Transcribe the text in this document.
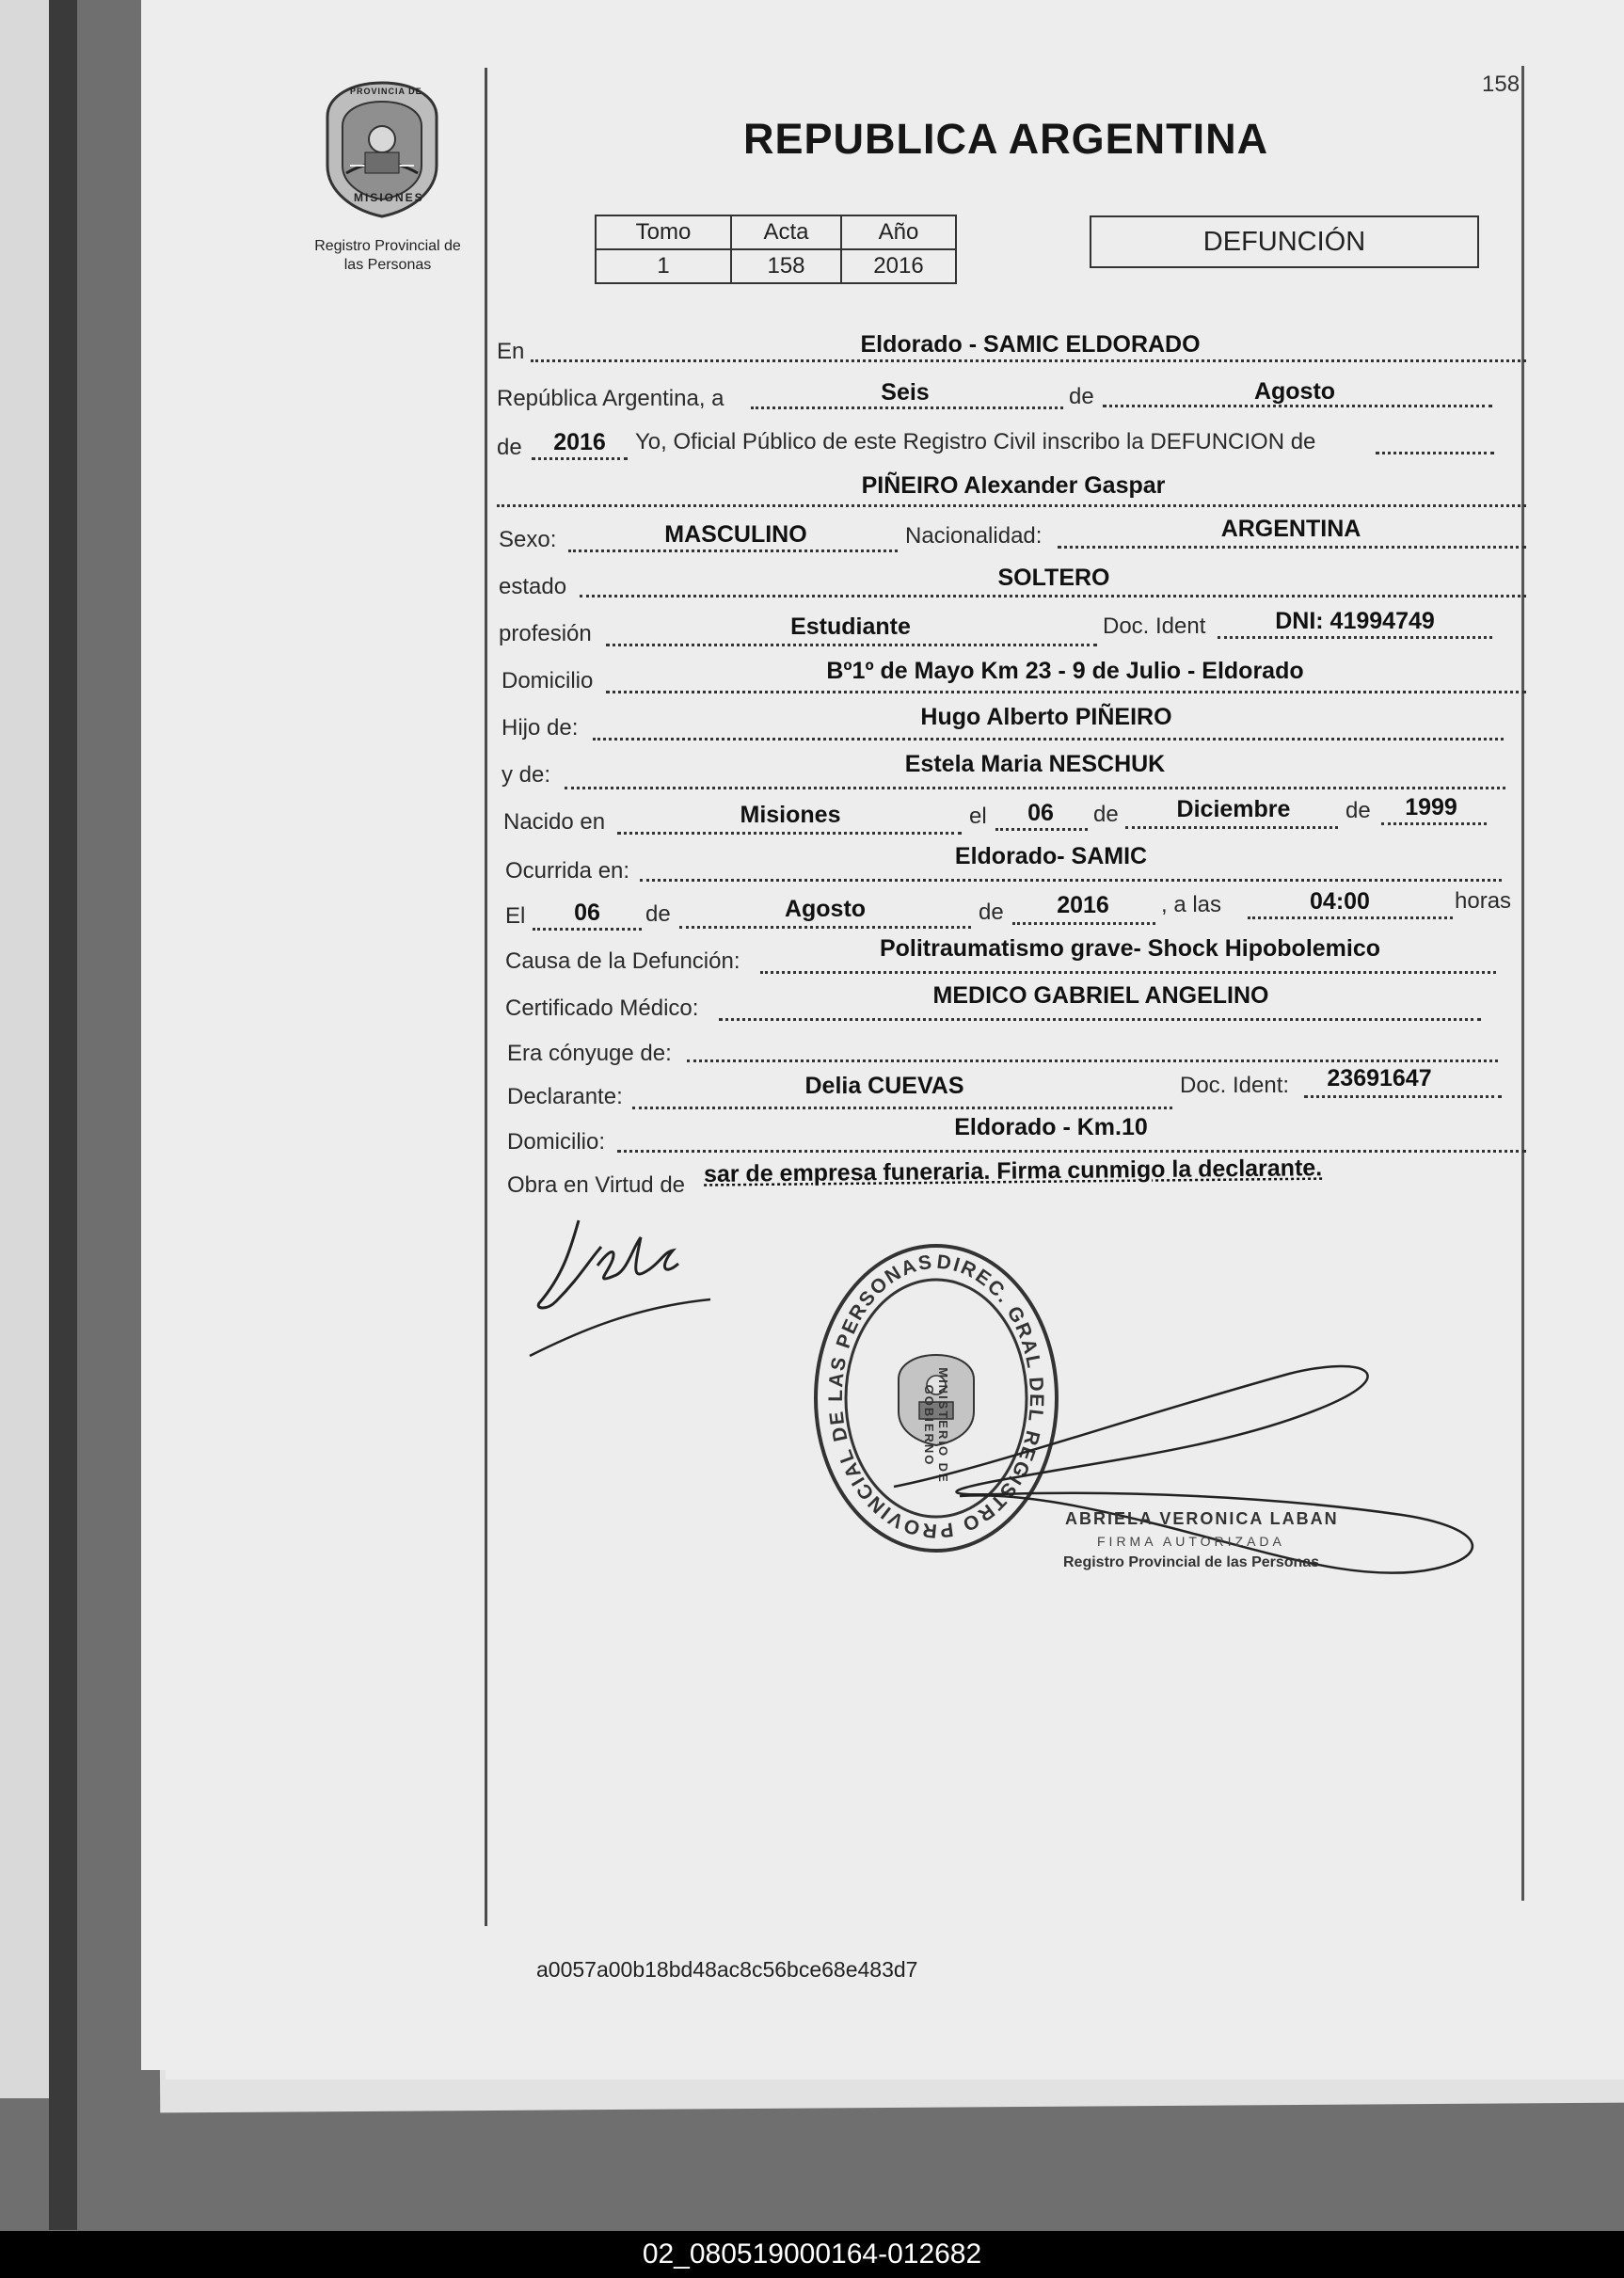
PROVINCIA DE
MISIONES
Registro Provincial de
las Personas
158
REPUBLICA ARGENTINA
Tomo	Acta	Año
1	158	2016
DEFUNCIÓN
En	Eldorado - SAMIC ELDORADO
República Argentina, a	Seis	de	Agosto
de 2016 Yo, Oficial Público de este Registro Civil inscribo la DEFUNCION de
PIÑEIRO Alexander Gaspar
Sexo:	MASCULINO	Nacionalidad:	ARGENTINA
estado	SOLTERO
profesión	Estudiante	Doc. Ident	DNI: 41994749
Domicilio	Bº1º de Mayo Km 23 - 9 de Julio - Eldorado
Hijo de:	Hugo Alberto PIÑEIRO
y de:	Estela Maria NESCHUK
Nacido en	Misiones	el 06 de Diciembre de 1999
Ocurrida en:
Eldorado- SAMIC
El 06 de	Agosto	de 2016 , a las	04:00	horas
Causa de la Defunción:	Politraumatismo grave- Shock Hipobolemico
Certificado Médico:	MEDICO GABRIEL ANGELINO
Era cónyuge de:
Declarante:	Delia CUEVAS	Doc. Ident: 23691647
Domicilio:
Eldorado - Km.10
Obra en Virtud de sar de empresa funeraria. Firma cunmigo la declarante.
DIREC. GRAL DEL REGISTRO PROVINCIAL DE LAS PERSONAS
MINISTERIO DE GOBIERNO
ABRIELA VERONICA LABAN
FIRMA AUTORIZADA
Registro Provincial de las Personas
a0057a00b18bd48ac8c56bce68e483d7
02_080519000164-012682
